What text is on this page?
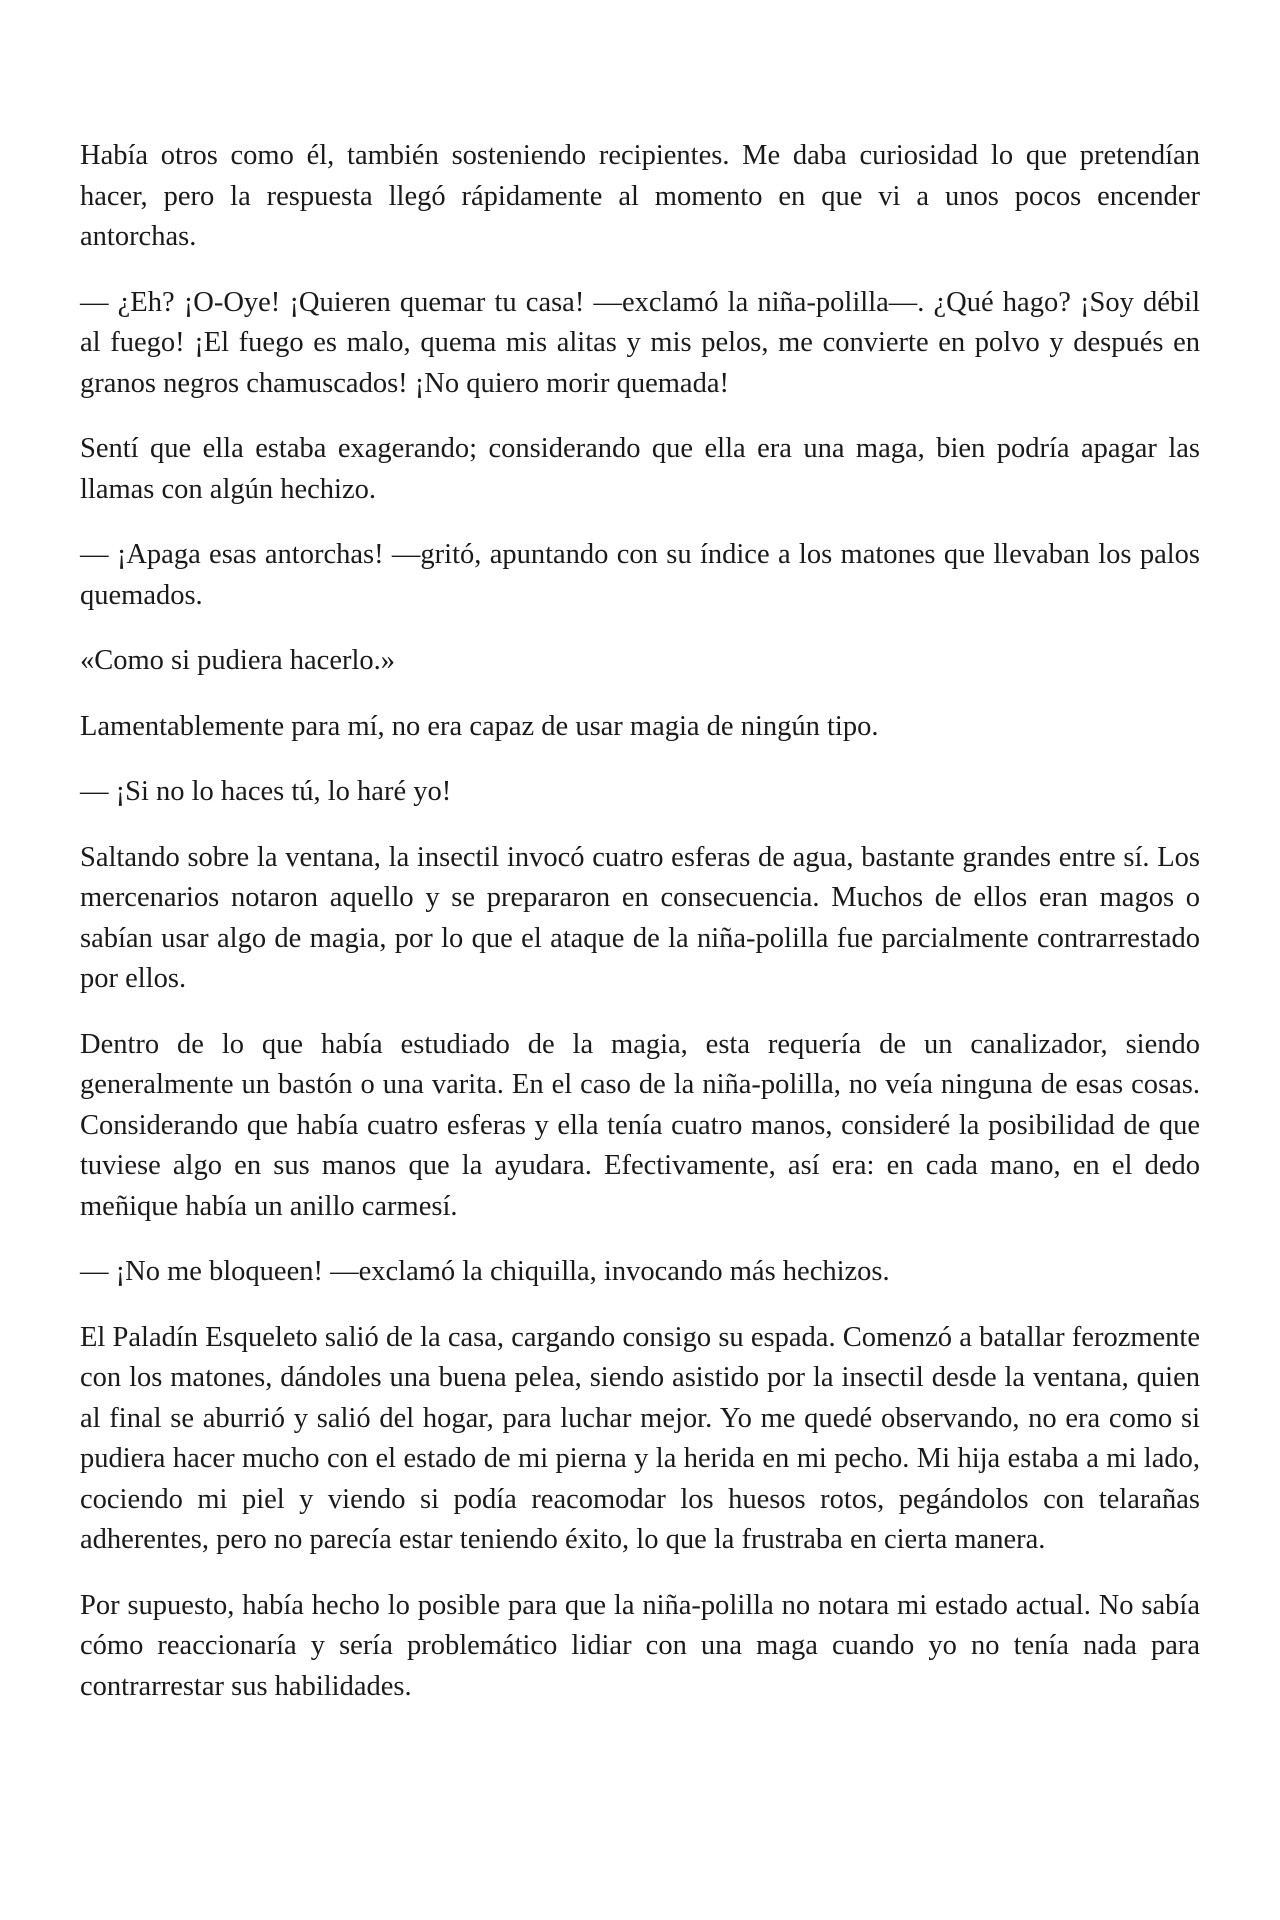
Había otros como él, también sosteniendo recipientes. Me daba curiosidad lo que pretendían hacer, pero la respuesta llegó rápidamente al momento en que vi a unos pocos encender antorchas.

— ¿Eh? ¡O-Oye! ¡Quieren quemar tu casa! —exclamó la niña-polilla—. ¿Qué hago? ¡Soy débil al fuego! ¡El fuego es malo, quema mis alitas y mis pelos, me convierte en polvo y después en granos negros chamuscados! ¡No quiero morir quemada!

Sentí que ella estaba exagerando; considerando que ella era una maga, bien podría apagar las llamas con algún hechizo.

— ¡Apaga esas antorchas! —gritó, apuntando con su índice a los matones que llevaban los palos quemados.

«Como si pudiera hacerlo.»

Lamentablemente para mí, no era capaz de usar magia de ningún tipo.

— ¡Si no lo haces tú, lo haré yo!

Saltando sobre la ventana, la insectil invocó cuatro esferas de agua, bastante grandes entre sí. Los mercenarios notaron aquello y se prepararon en consecuencia. Muchos de ellos eran magos o sabían usar algo de magia, por lo que el ataque de la niña-polilla fue parcialmente contrarrestado por ellos.

Dentro de lo que había estudiado de la magia, esta requería de un canalizador, siendo generalmente un bastón o una varita. En el caso de la niña-polilla, no veía ninguna de esas cosas. Considerando que había cuatro esferas y ella tenía cuatro manos, consideré la posibilidad de que tuviese algo en sus manos que la ayudara. Efectivamente, así era: en cada mano, en el dedo meñique había un anillo carmesí.

— ¡No me bloqueen! —exclamó la chiquilla, invocando más hechizos.

El Paladín Esqueleto salió de la casa, cargando consigo su espada. Comenzó a batallar ferozmente con los matones, dándoles una buena pelea, siendo asistido por la insectil desde la ventana, quien al final se aburrió y salió del hogar, para luchar mejor. Yo me quedé observando, no era como si pudiera hacer mucho con el estado de mi pierna y la herida en mi pecho. Mi hija estaba a mi lado, cociendo mi piel y viendo si podía reacomodar los huesos rotos, pegándolos con telarañas adherentes, pero no parecía estar teniendo éxito, lo que la frustraba en cierta manera.

Por supuesto, había hecho lo posible para que la niña-polilla no notara mi estado actual. No sabía cómo reaccionaría y sería problemático lidiar con una maga cuando yo no tenía nada para contrarrestar sus habilidades.
